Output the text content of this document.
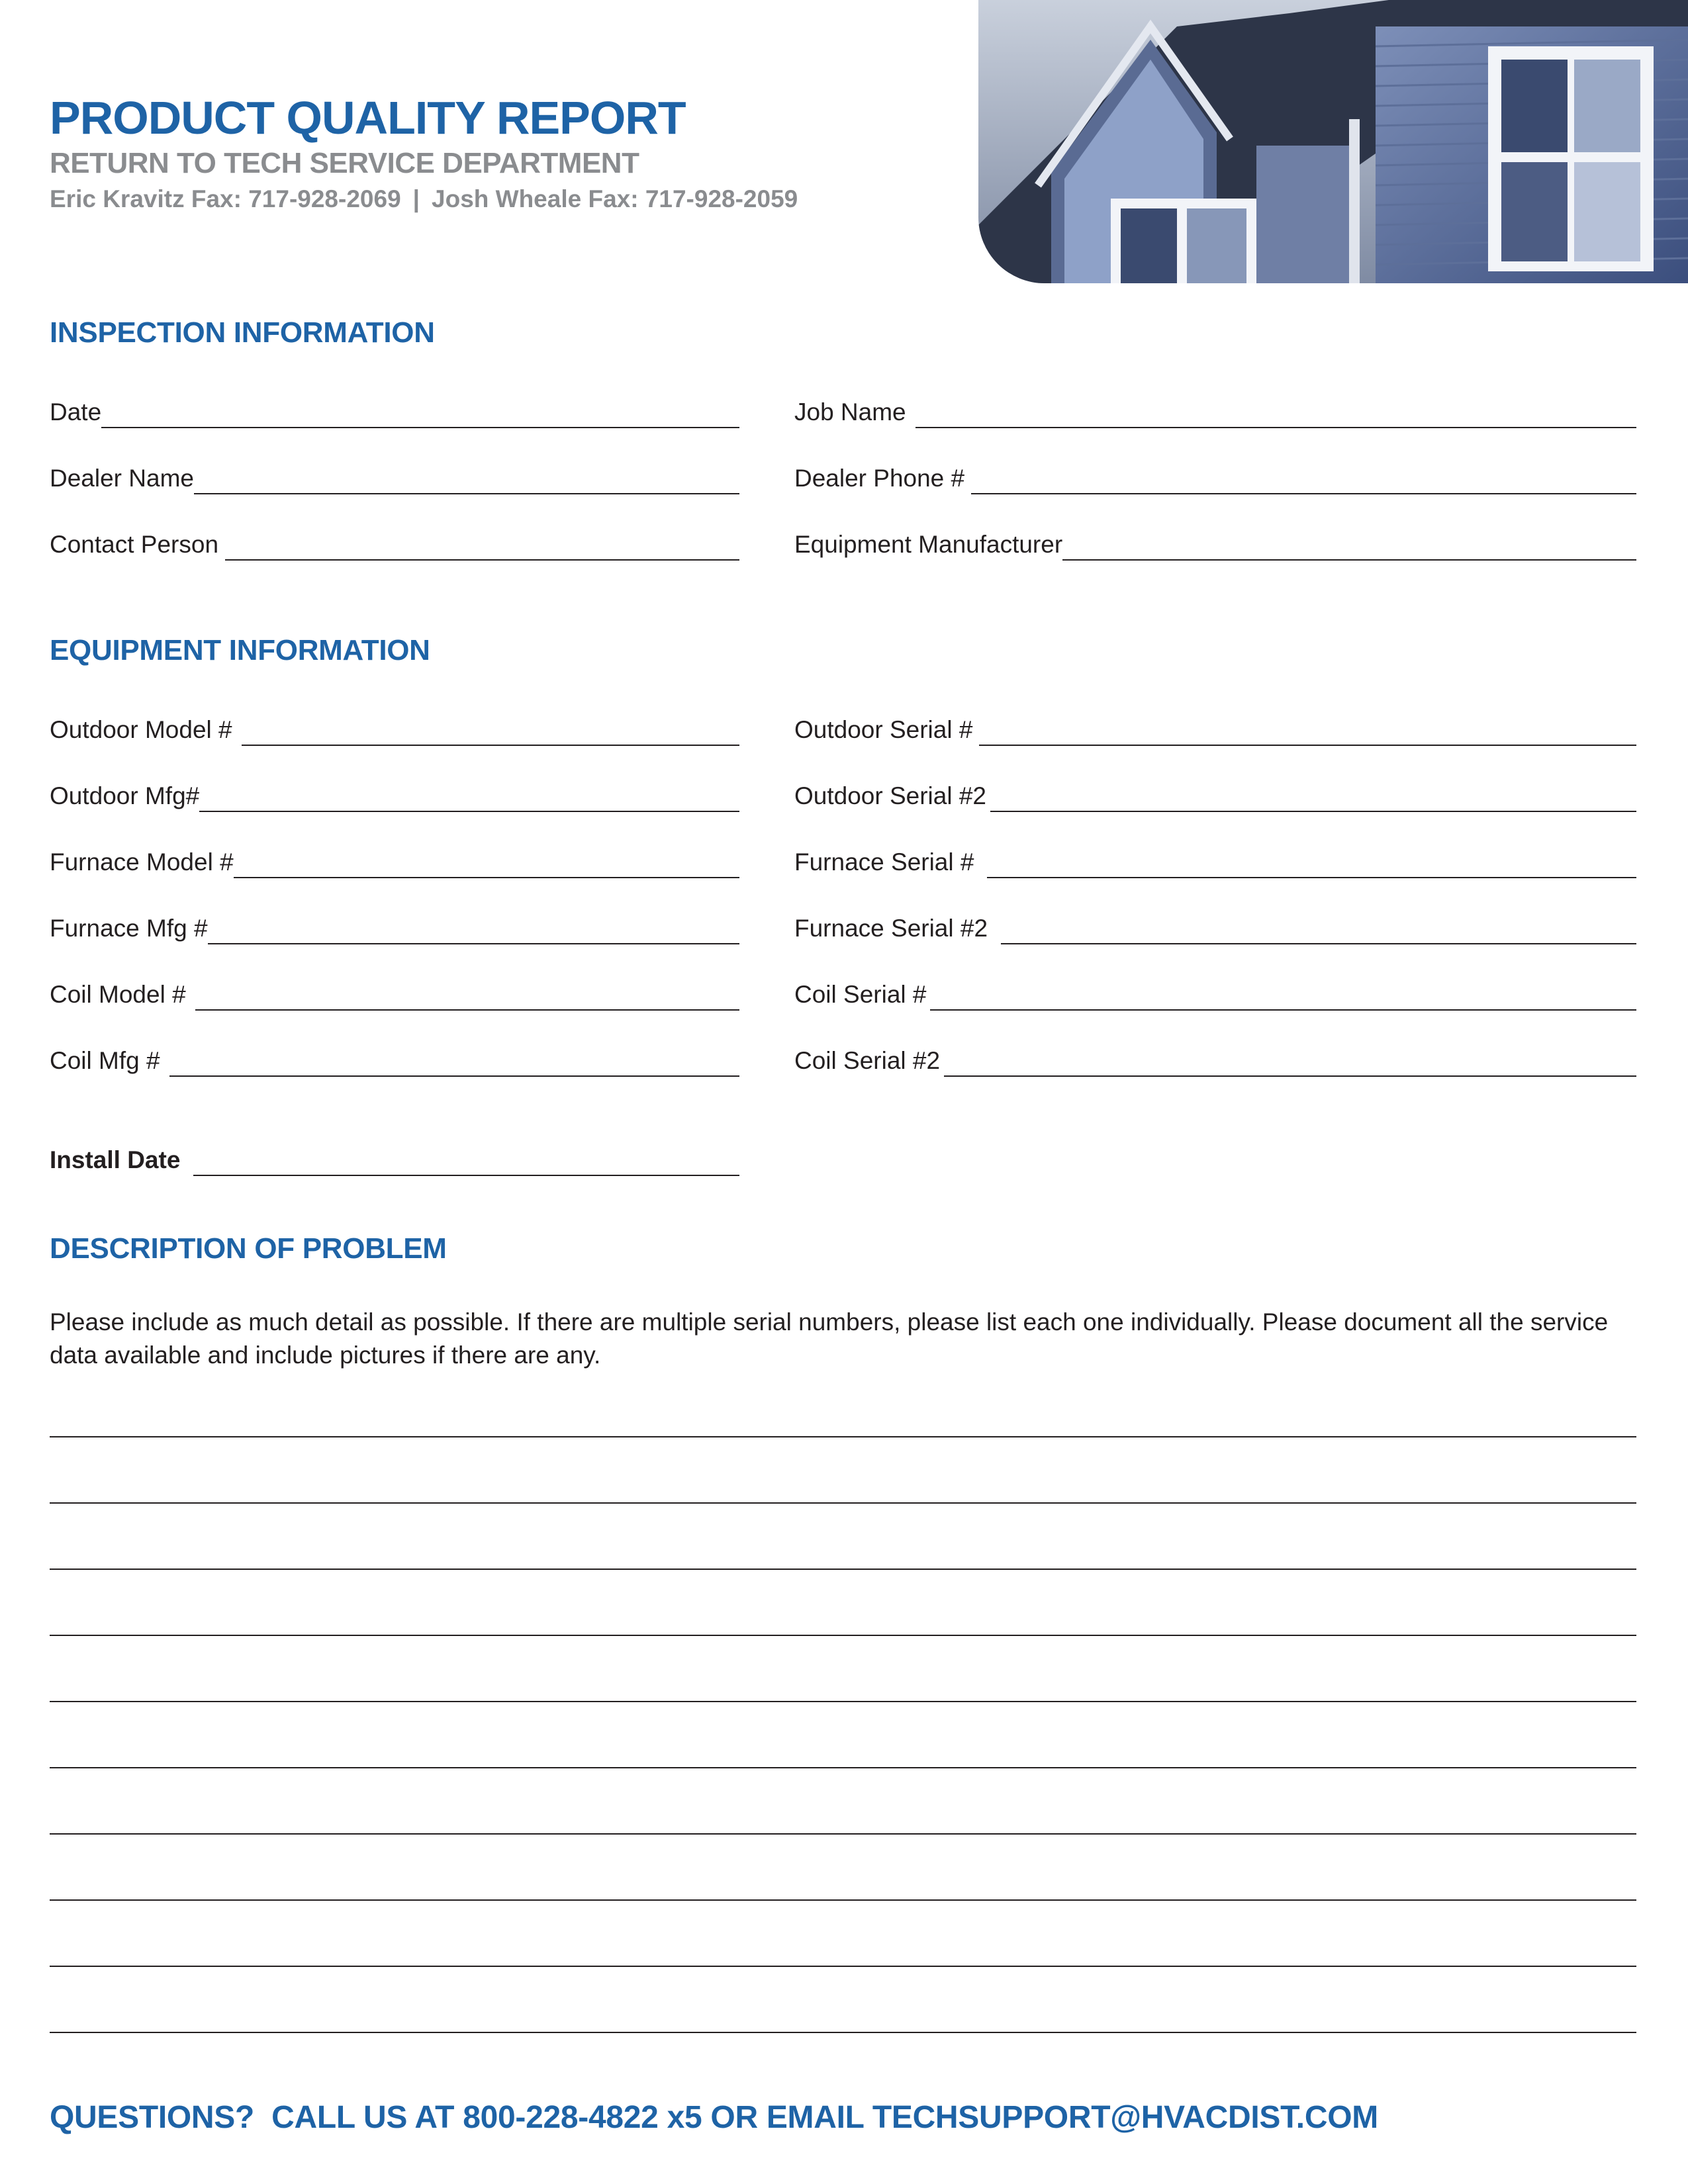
PRODUCT QUALITY REPORT
RETURN TO TECH SERVICE DEPARTMENT
Eric Kravitz Fax: 717-928-2069 | Josh Wheale Fax: 717-928-2059
INSPECTION INFORMATION
Date	Job Name
Dealer Name	Dealer Phone #
Contact Person	Equipment Manufacturer
EQUIPMENT INFORMATION
Outdoor Model #	Outdoor Serial #
Outdoor Mfg#	Outdoor Serial #2
Furnace Model #	Furnace Serial #
Furnace Mfg #	Furnace Serial #2
Coil Model #	Coil Serial #
Coil Mfg #	Coil Serial #2
Install Date
DESCRIPTION OF PROBLEM
Please include as much detail as possible. If there are multiple serial numbers, please list each one individually. Please document all the service data available and include pictures if there are any.
QUESTIONS?  CALL US AT 800-228-4822 x5 OR EMAIL TECHSUPPORT@HVACDIST.COM
